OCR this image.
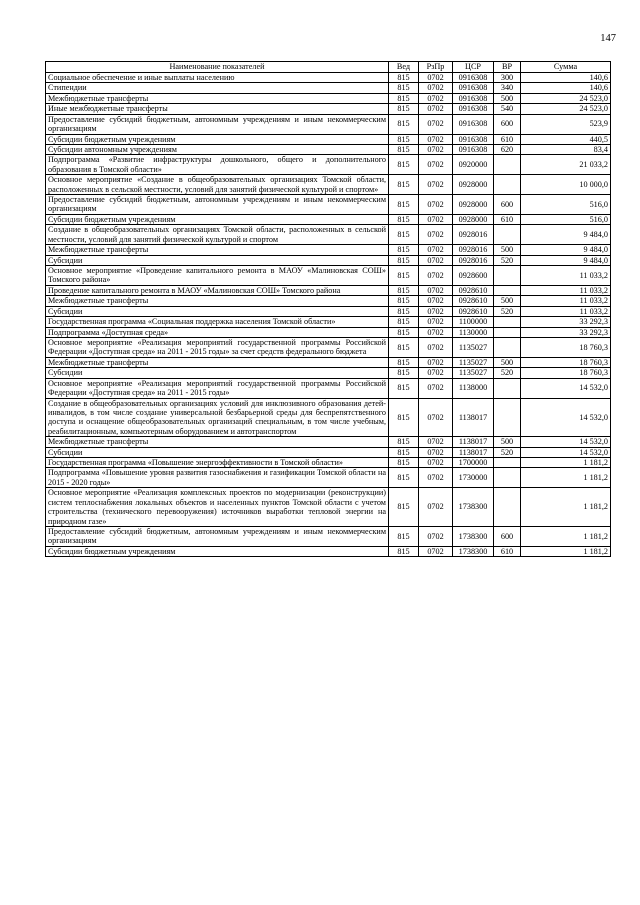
147
Наименование показателей	Вед	РзПр	ЦСР	ВР	Сумма
Социальное обеспечение и иные выплаты населению	815	0702	0916308	300	140,6
Стипендии	815	0702	0916308	340	140,6
Межбюджетные трансферты	815	0702	0916308	500	24 523,0
Иные межбюджетные трансферты	815	0702	0916308	540	24 523,0
Предоставление субсидий бюджетным, автономным учреждениям и иным некоммерческим организациям	815	0702	0916308	600	523,9
Субсидии бюджетным учреждениям	815	0702	0916308	610	440,5
Субсидии автономным учреждениям	815	0702	0916308	620	83,4
Подпрограмма «Развитие инфраструктуры дошкольного, общего и дополнительного образования в Томской области»	815	0702	0920000		21 033,2
Основное мероприятие «Создание в общеобразовательных организациях Томской области, расположенных в сельской местности, условий для занятий физической культурой и спортом»	815	0702	0928000		10 000,0
Предоставление субсидий бюджетным, автономным учреждениям и иным некоммерческим организациям	815	0702	0928000	600	516,0
Субсидии бюджетным учреждениям	815	0702	0928000	610	516,0
Создание в общеобразовательных организациях Томской области, расположенных в сельской местности, условий для занятий физической культурой и спортом	815	0702	0928016		9 484,0
Межбюджетные трансферты	815	0702	0928016	500	9 484,0
Субсидии	815	0702	0928016	520	9 484,0
Основное мероприятие «Проведение капитального ремонта в МАОУ «Малиновская СОШ» Томского района»	815	0702	0928600		11 033,2
Проведение капитального ремонта в МАОУ «Малиновская СОШ» Томского района	815	0702	0928610		11 033,2
Межбюджетные трансферты	815	0702	0928610	500	11 033,2
Субсидии	815	0702	0928610	520	11 033,2
Государственная программа «Социальная поддержка населения Томской области»	815	0702	1100000		33 292,3
Подпрограмма «Доступная среда»	815	0702	1130000		33 292,3
Основное мероприятие «Реализация мероприятий государственной программы Российской Федерации «Доступная среда» на 2011 - 2015 годы» за счет средств федерального бюджета	815	0702	1135027		18 760,3
Межбюджетные трансферты	815	0702	1135027	500	18 760,3
Субсидии	815	0702	1135027	520	18 760,3
Основное мероприятие «Реализация мероприятий государственной программы Российской Федерации «Доступная среда» на 2011 - 2015 годы»	815	0702	1138000		14 532,0
Создание в общеобразовательных организациях условий для инклюзивного образования детей-инвалидов, в том числе создание универсальной безбарьерной среды для беспрепятственного доступа и оснащение общеобразовательных организаций специальным, в том числе учебным, реабилитационным, компьютерным оборудованием и автотранспортом	815	0702	1138017		14 532,0
Межбюджетные трансферты	815	0702	1138017	500	14 532,0
Субсидии	815	0702	1138017	520	14 532,0
Государственная программа «Повышение энергоэффективности в Томской области»	815	0702	1700000		1 181,2
Подпрограмма «Повышение уровня развития газоснабжения и газификации Томской области на 2015 - 2020 годы»	815	0702	1730000		1 181,2
Основное мероприятие «Реализация комплексных проектов по модернизации (реконструкции) систем теплоснабжения локальных объектов и населенных пунктов Томской области с учетом строительства (технического перевооружения) источников выработки тепловой энергии на природном газе»	815	0702	1738300		1 181,2
Предоставление субсидий бюджетным, автономным учреждениям и иным некоммерческим организациям	815	0702	1738300	600	1 181,2
Субсидии бюджетным учреждениям	815	0702	1738300	610	1 181,2
